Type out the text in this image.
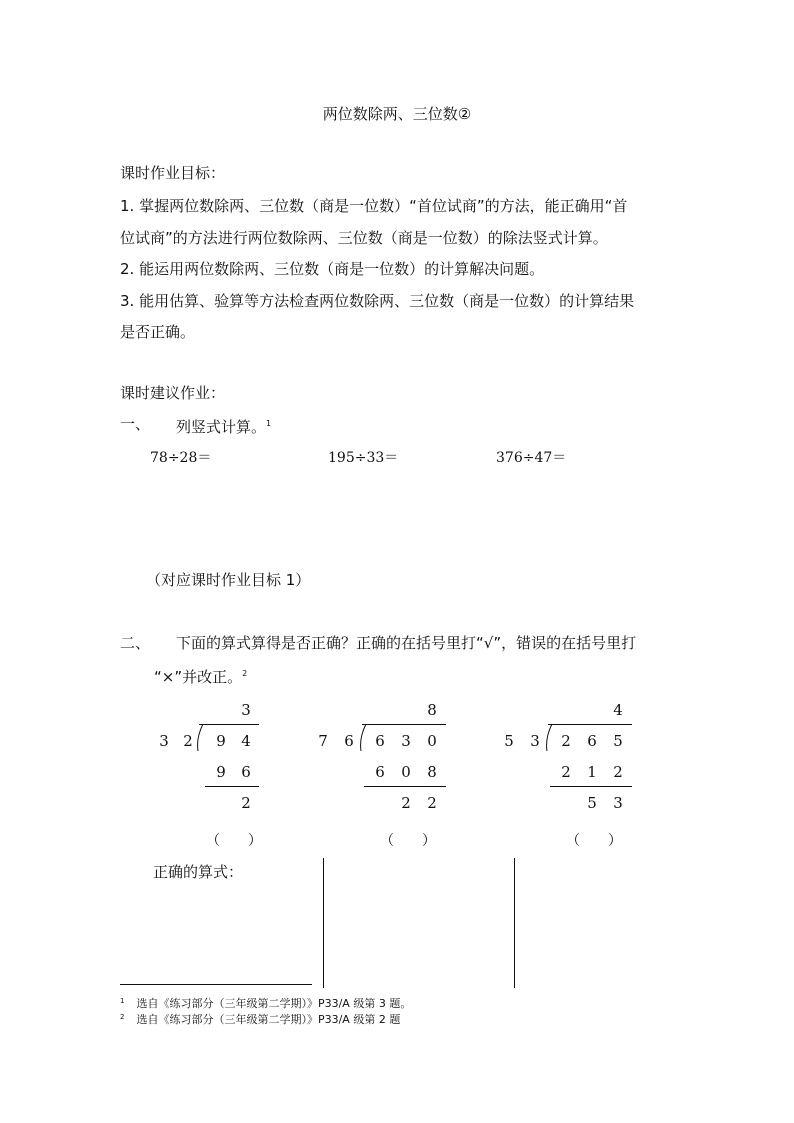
两位数除两、三位数②
课时作业目标：
1. 掌握两位数除两、三位数（商是一位数）“首位试商”的方法，能正确用“首
位试商”的方法进行两位数除两、三位数（商是一位数）的除法竖式计算。
2. 能运用两位数除两、三位数（商是一位数）的计算解决问题。
3. 能用估算、验算等方法检查两位数除两、三位数（商是一位数）的计算结果
是否正确。
课时建议作业：
一、 列竖式计算。$^1$
78÷28＝	195÷33＝	376÷47＝
（对应课时作业目标 1）
二、 下面的算式算得是否正确？正确的在括号里打“√”，错误的在括号里打
“×”并改正。$^2$
3
3 2 9 4
9 6
2
（　　）
8
7 6 6 3 0
6 0 8
2 2
（　　）
4
5 3 2 6 5
2 1 2
5 3
（　　）
正确的算式：
$^1$ 选自《练习部分（三年级第二学期）》P33/A 级第 3 题。
$^2$ 选自《练习部分（三年级第二学期）》P33/A 级第 2 题
